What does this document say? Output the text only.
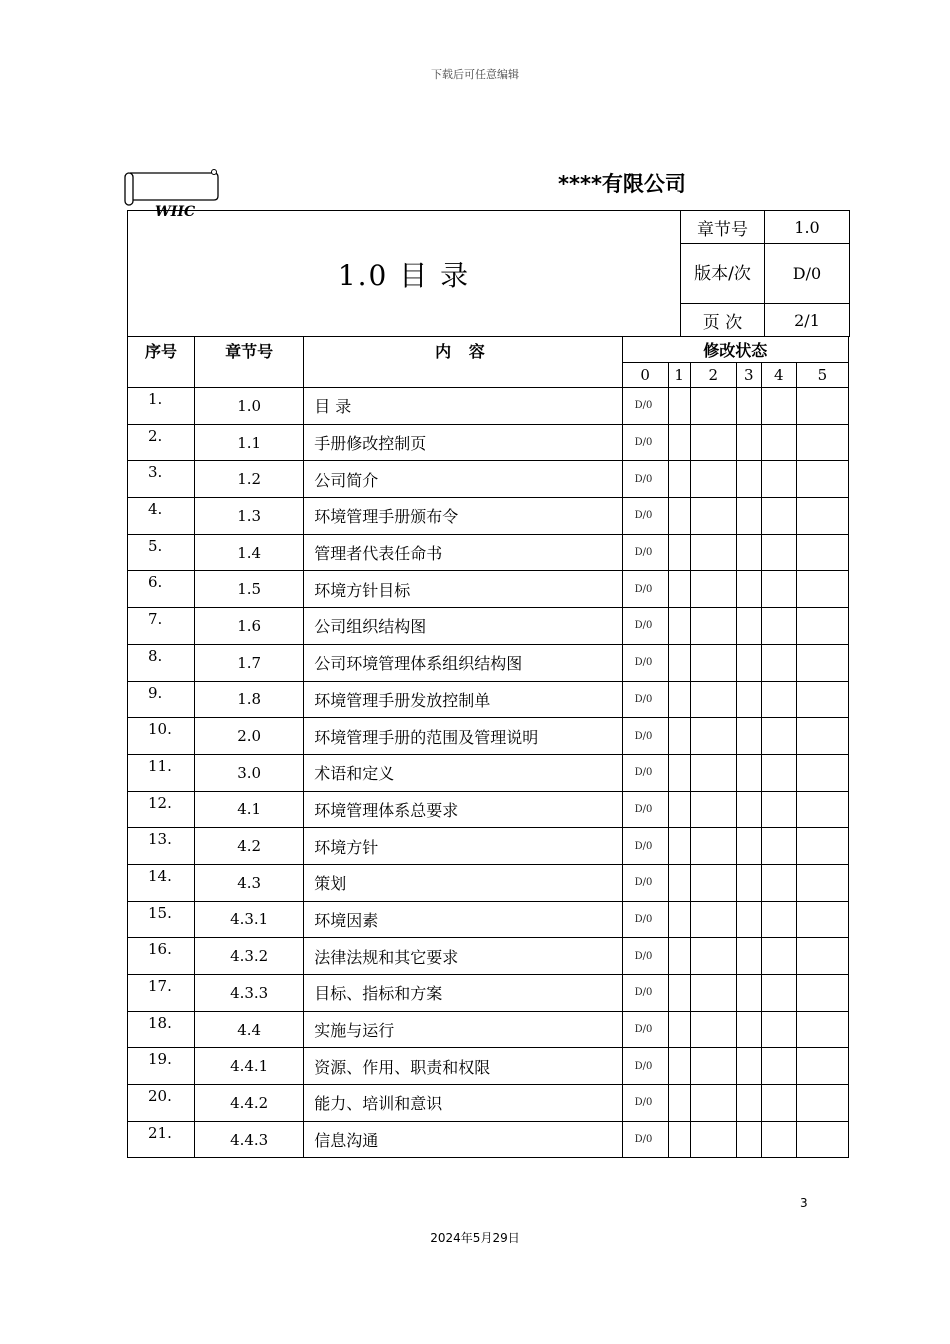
下载后可任意编辑
WHC
****有限公司
1.0 目 录	章节号	1.0
	版本/次	D/0
	页 次	2/1
序号	章节号	内 容	修改状态					
			0	1	2	3	4	5
1.	1.0	目 录	D/0					
2.	1.1	手册修改控制页	D/0					
3.	1.2	公司简介	D/0					
4.	1.3	环境管理手册颁布令	D/0					
5.	1.4	管理者代表任命书	D/0					
6.	1.5	环境方针目标	D/0					
7.	1.6	公司组织结构图	D/0					
8.	1.7	公司环境管理体系组织结构图	D/0					
9.	1.8	环境管理手册发放控制单	D/0					
10.	2.0	环境管理手册的范围及管理说明	D/0					
11.	3.0	术语和定义	D/0					
12.	4.1	环境管理体系总要求	D/0					
13.	4.2	环境方针	D/0					
14.	4.3	策划	D/0					
15.	4.3.1	环境因素	D/0					
16.	4.3.2	法律法规和其它要求	D/0					
17.	4.3.3	目标、指标和方案	D/0					
18.	4.4	实施与运行	D/0					
19.	4.4.1	资源、作用、职责和权限	D/0					
20.	4.4.2	能力、培训和意识	D/0					
21.	4.4.3	信息沟通	D/0					
3
2024年5月29日
